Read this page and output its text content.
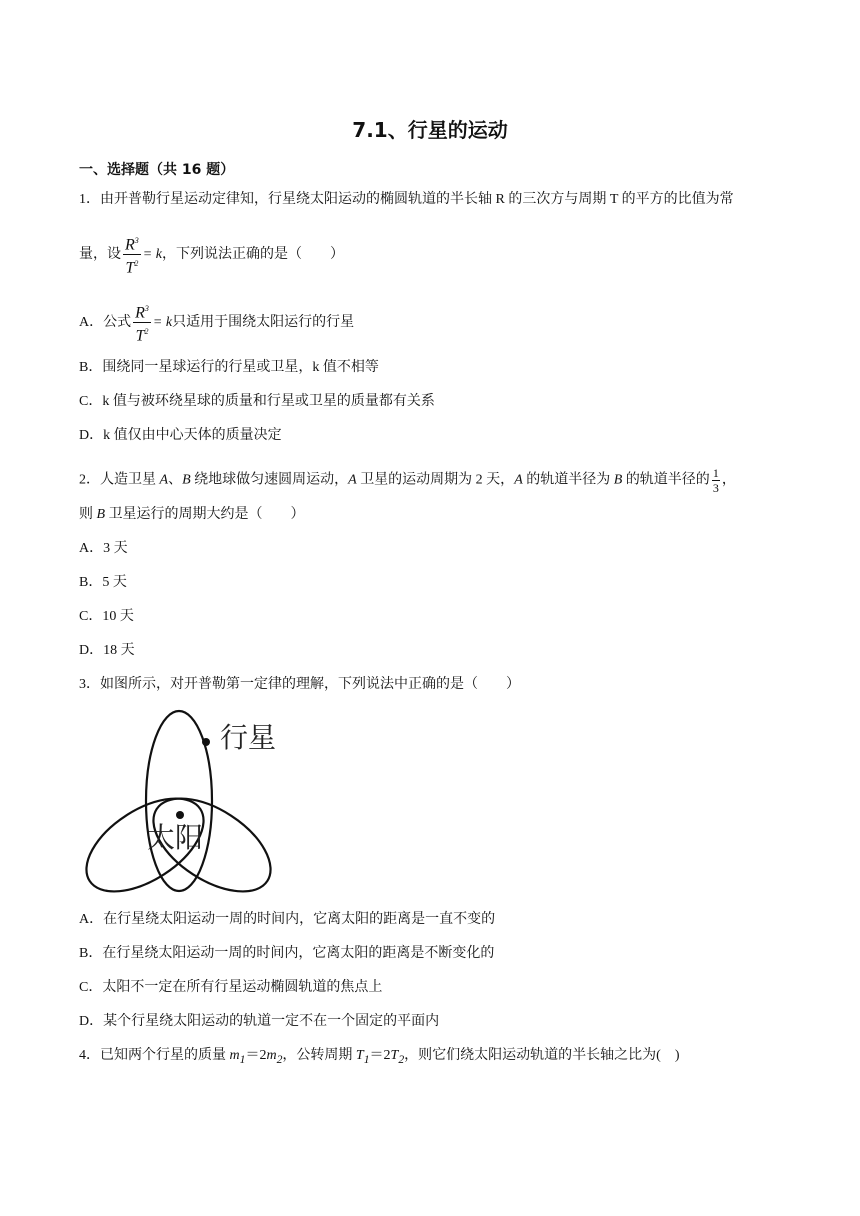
7.1、行星的运动
一、选择题（共 16 题）
1．由开普勒行星运动定律知，行星绕太阳运动的椭圆轨道的半长轴 R 的三次方与周期 T 的平方的比值为常
量，设 $\frac{R^3}{T^2} = k$，下列说法正确的是（　　）
A．公式 $\frac{R^3}{T^2} = k$只适用于围绕太阳运行的行星
B．围绕同一星球运行的行星或卫星，k 值不相等
C．k 值与被环绕星球的质量和行星或卫星的质量都有关系
D．k 值仅由中心天体的质量决定
2．人造卫星 A、B 绕地球做匀速圆周运动，A 卫星的运动周期为 2 天，A 的轨道半径为 B 的轨道半径的 $\frac{1}{3}$ ，
则 B 卫星运行的周期大约是（　　）
A．3 天
B．5 天
C．10 天
D．18 天
3．如图所示，对开普勒第一定律的理解，下列说法中正确的是（　　）
行星
太阳
A．在行星绕太阳运动一周的时间内，它离太阳的距离是一直不变的
B．在行星绕太阳运动一周的时间内，它离太阳的距离是不断变化的
C．太阳不一定在所有行星运动椭圆轨道的焦点上
D．某个行星绕太阳运动的轨道一定不在一个固定的平面内
4．已知两个行星的质量 $m_1=2m_2$，公转周期 $T_1=2T_2$，则它们绕太阳运动轨道的半长轴之比为(　)
